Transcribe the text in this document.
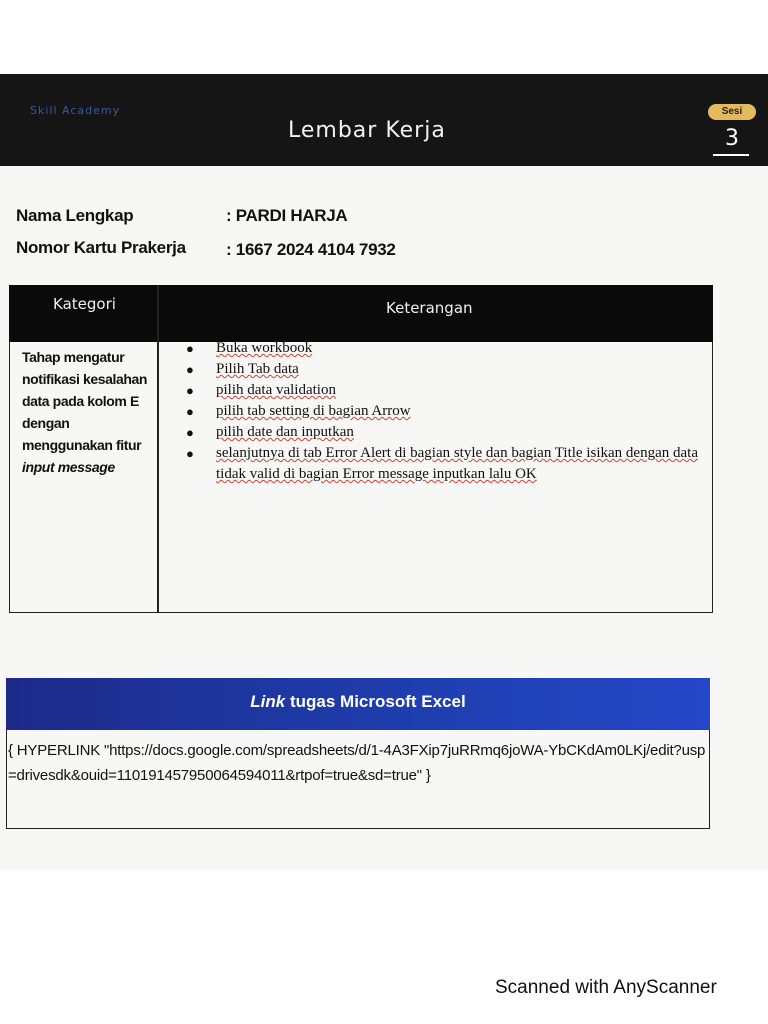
Skill Academy
Lembar Kerja
Sesi
3
Nama Lengkap	: PARDI HARJA
Nomor Kartu Prakerja : 1667 2024 4104 7932
Kategori	Keterangan
Tahap mengatur notifikasi kesalahan data pada kolom E dengan menggunakan fitur input message
● Buka workbook
● Pilih Tab data
● pilih data validation
● pilih tab setting di bagian Arrow
● pilih date dan inputkan
● selanjutnya di tab Error Alert di bagian style dan bagian Title isikan dengan data tidak valid di bagian Error message inputkan lalu OK
Link tugas Microsoft Excel
{ HYPERLINK "https://docs.google.com/spreadsheets/d/1-4A3FXip7juRRmq6joWA-YbCKdAm0LKj/edit?usp=drivesdk&ouid=110191457950064594011&rtpof=true&sd=true" }
Scanned with AnyScanner
